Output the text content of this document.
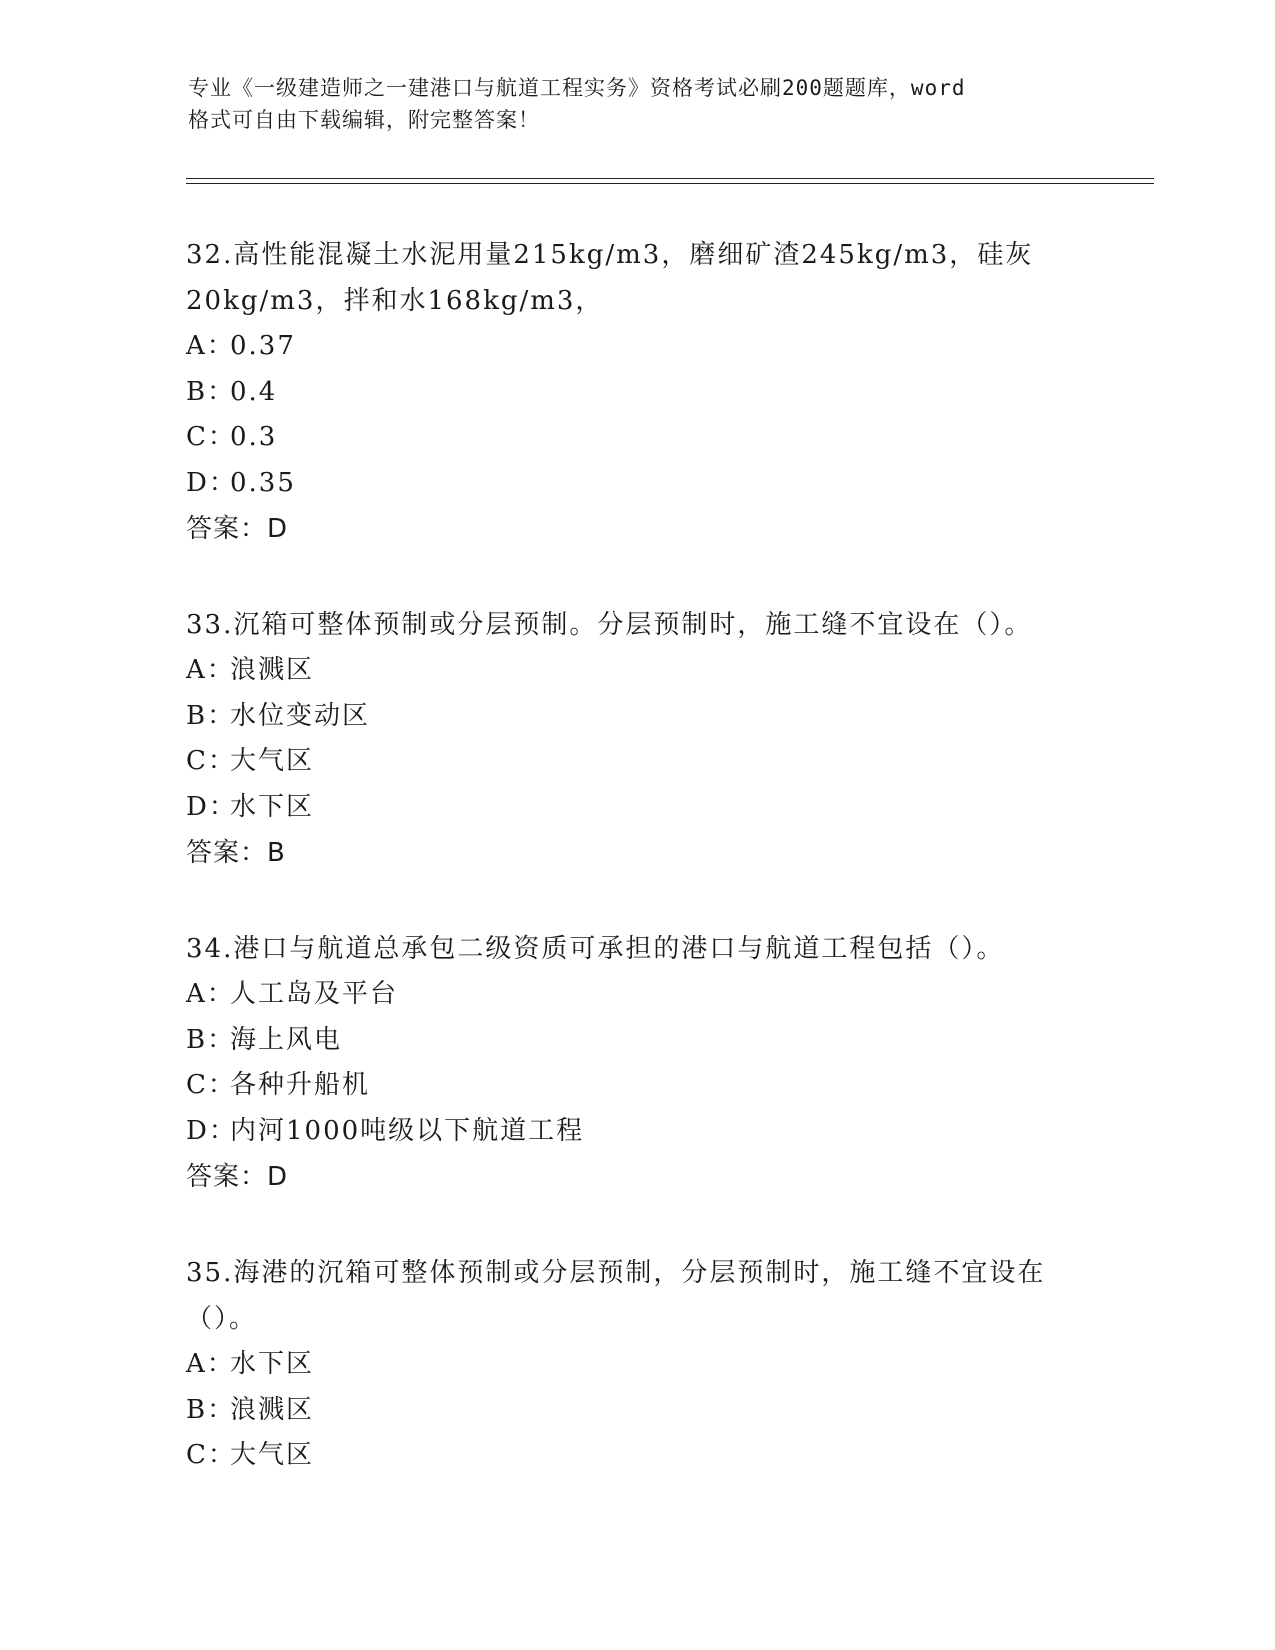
专业《一级建造师之一建港口与航道工程实务》资格考试必刷200题题库，word

格式可自由下载编辑，附完整答案！

32.高性能混凝土水泥用量215kg/m3，磨细矿渣245kg/m3，硅灰

20kg/m3，拌和水168kg/m3，

A：0.37

B：0.4

C：0.3

D：0.35

答案：D

33.沉箱可整体预制或分层预制。分层预制时，施工缝不宜设在（）。

A：浪溅区

B：水位变动区

C：大气区

D：水下区

答案：B

34.港口与航道总承包二级资质可承担的港口与航道工程包括（）。

A：人工岛及平台

B：海上风电

C：各种升船机

D：内河1000吨级以下航道工程

答案：D

35.海港的沉箱可整体预制或分层预制，分层预制时，施工缝不宜设在

（）。

A：水下区

B：浪溅区

C：大气区
